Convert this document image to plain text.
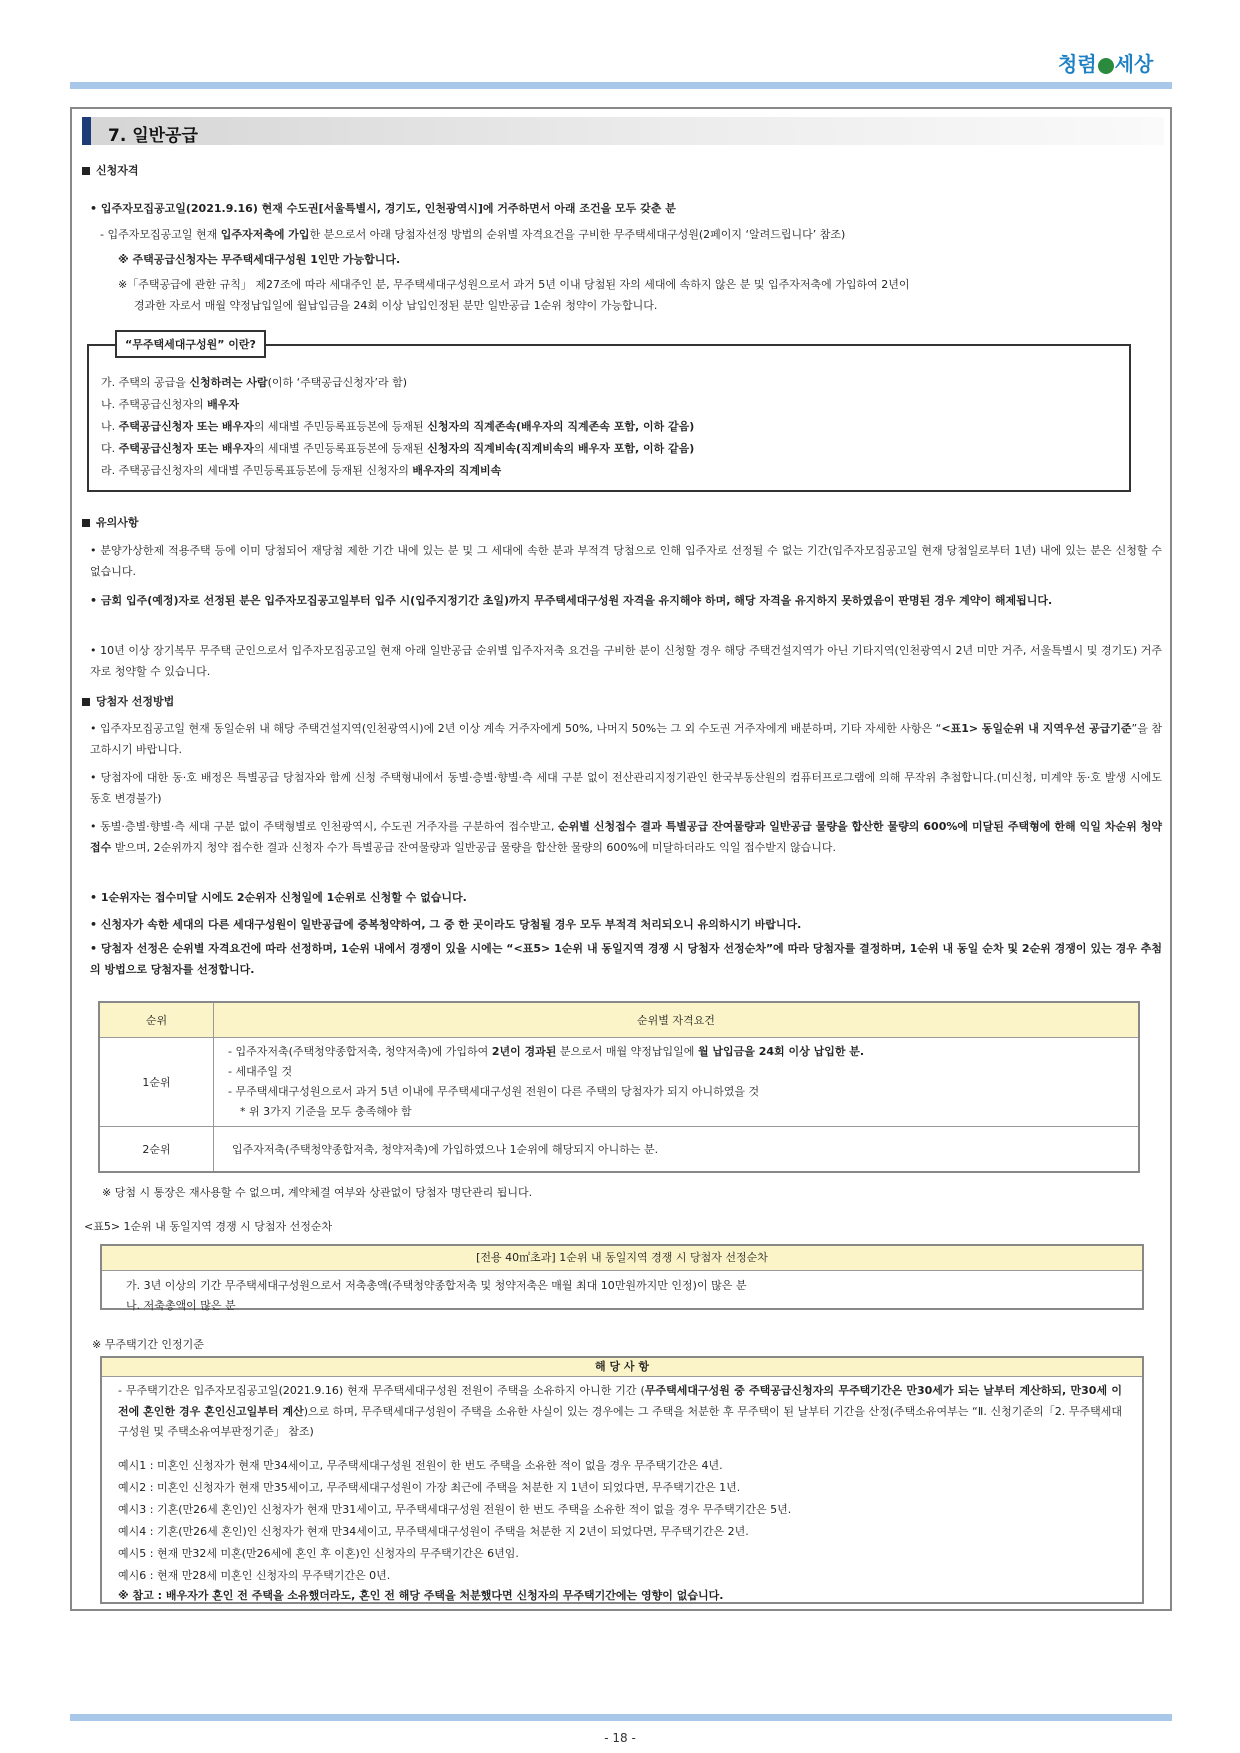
청렴 세상
7. 일반공급
신청자격
• 입주자모집공고일(2021.9.16) 현재 수도권[서울특별시, 경기도, 인천광역시]에 거주하면서 아래 조건을 모두 갖춘 분
- 입주자모집공고일 현재 입주자저축에 가입한 분으로서 아래 당첨자선정 방법의 순위별 자격요건을 구비한 무주택세대구성원(2페이지 ‘알려드립니다’ 참조)
※ 주택공급신청자는 무주택세대구성원 1인만 가능합니다.
※「주택공급에 관한 규칙」 제27조에 따라 세대주인 분, 무주택세대구성원으로서 과거 5년 이내 당첨된 자의 세대에 속하지 않은 분 및 입주자저축에 가입하여 2년이
경과한 자로서 매월 약정납입일에 월납입금을 24회 이상 납입인정된 분만 일반공급 1순위 청약이 가능합니다.
“무주택세대구성원” 이란?
가. 주택의 공급을 신청하려는 사람(이하 ‘주택공급신청자’라 함)
나. 주택공급신청자의 배우자
나. 주택공급신청자 또는 배우자의 세대별 주민등록표등본에 등재된 신청자의 직계존속(배우자의 직계존속 포함, 이하 같음)
다. 주택공급신청자 또는 배우자의 세대별 주민등록표등본에 등재된 신청자의 직계비속(직계비속의 배우자 포함, 이하 같음)
라. 주택공급신청자의 세대별 주민등록표등본에 등재된 신청자의 배우자의 직계비속
유의사항
• 분양가상한제 적용주택 등에 이미 당첨되어 재당첨 제한 기간 내에 있는 분 및 그 세대에 속한 분과 부적격 당첨으로 인해 입주자로 선정될 수 없는 기간(입주자모집공고일 현재 당첨일로부터 1년) 내에 있는 분은 신청할 수 없습니다.
• 금회 입주(예정)자로 선정된 분은 입주자모집공고일부터 입주 시(입주지정기간 초일)까지 무주택세대구성원 자격을 유지해야 하며, 해당 자격을 유지하지 못하였음이 판명된 경우 계약이 해제됩니다.
• 10년 이상 장기복무 무주택 군인으로서 입주자모집공고일 현재 아래 일반공급 순위별 입주자저축 요건을 구비한 분이 신청할 경우 해당 주택건설지역가 아닌 기타지역(인천광역시 2년 미만 거주, 서울특별시 및 경기도) 거주자로 청약할 수 있습니다.
당첨자 선정방법
• 입주자모집공고일 현재 동일순위 내 해당 주택건설지역(인천광역시)에 2년 이상 계속 거주자에게 50%, 나머지 50%는 그 외 수도권 거주자에게 배분하며, 기타 자세한 사항은 “<표1> 동일순위 내 지역우선 공급기준”을 참고하시기 바랍니다.
• 당첨자에 대한 동·호 배정은 특별공급 당첨자와 함께 신청 주택형내에서 동별·층별·향별·측 세대 구분 없이 전산관리지정기관인 한국부동산원의 컴퓨터프로그램에 의해 무작위 추첨합니다.(미신청, 미계약 동·호 발생 시에도 동호 변경불가)
• 동별·층별·향별·측 세대 구분 없이 주택형별로 인천광역시, 수도권 거주자를 구분하여 접수받고, 순위별 신청접수 결과 특별공급 잔여물량과 일반공급 물량을 합산한 물량의 600%에 미달된 주택형에 한해 익일 차순위 청약접수 받으며, 2순위까지 청약 접수한 결과 신청자 수가 특별공급 잔여물량과 일반공급 물량을 합산한 물량의 600%에 미달하더라도 익일 접수받지 않습니다.
• 1순위자는 접수미달 시에도 2순위자 신청일에 1순위로 신청할 수 없습니다.
• 신청자가 속한 세대의 다른 세대구성원이 일반공급에 중복청약하여, 그 중 한 곳이라도 당첨될 경우 모두 부적격 처리되오니 유의하시기 바랍니다.
• 당첨자 선정은 순위별 자격요건에 따라 선정하며, 1순위 내에서 경쟁이 있을 시에는 “<표5> 1순위 내 동일지역 경쟁 시 당첨자 선정순차”에 따라 당첨자를 결정하며, 1순위 내 동일 순차 및 2순위 경쟁이 있는 경우 추첨의 방법으로 당첨자를 선정합니다.
순위	순위별 자격요건
1순위	- 입주자저축(주택청약종합저축, 청약저축)에 가입하여 2년이 경과된 분으로서 매월 약정납입일에 월 납입금을 24회 이상 납입한 분.
- 세대주일 것
- 무주택세대구성원으로서 과거 5년 이내에 무주택세대구성원 전원이 다른 주택의 당첨자가 되지 아니하였을 것
* 위 3가지 기준을 모두 충족해야 함

2순위	입주자저축(주택청약종합저축, 청약저축)에 가입하였으나 1순위에 해당되지 아니하는 분.
※ 당첨 시 통장은 재사용할 수 없으며, 계약체결 여부와 상관없이 당첨자 명단관리 됩니다.
<표5> 1순위 내 동일지역 경쟁 시 당첨자 선정순차
[전용 40㎡초과] 1순위 내 동일지역 경쟁 시 당첨자 선정순차
가. 3년 이상의 기간 무주택세대구성원으로서 저축총액(주택청약종합저축 및 청약저축은 매월 최대 10만원까지만 인정)이 많은 분
나. 저축총액이 많은 분
※ 무주택기간 인정기준
해 당 사 항
- 무주택기간은 입주자모집공고일(2021.9.16) 현재 무주택세대구성원 전원이 주택을 소유하지 아니한 기간 (무주택세대구성원 중 주택공급신청자의 무주택기간은 만30세가 되는 날부터 계산하되, 만30세 이전에 혼인한 경우 혼인신고일부터 계산)으로 하며, 무주택세대구성원이 주택을 소유한 사실이 있는 경우에는 그 주택을 처분한 후 무주택이 된 날부터 기간을 산정(주택소유여부는 “Ⅱ. 신청기준의「2. 무주택세대구성원 및 주택소유여부판정기준」 참조)
예시1 : 미혼인 신청자가 현재 만34세이고, 무주택세대구성원 전원이 한 번도 주택을 소유한 적이 없을 경우 무주택기간은 4년.
예시2 : 미혼인 신청자가 현재 만35세이고, 무주택세대구성원이 가장 최근에 주택을 처분한 지 1년이 되었다면, 무주택기간은 1년.
예시3 : 기혼(만26세 혼인)인 신청자가 현재 만31세이고, 무주택세대구성원 전원이 한 번도 주택을 소유한 적이 없을 경우 무주택기간은 5년.
예시4 : 기혼(만26세 혼인)인 신청자가 현재 만34세이고, 무주택세대구성원이 주택을 처분한 지 2년이 되었다면, 무주택기간은 2년.
예시5 : 현재 만32세 미혼(만26세에 혼인 후 이혼)인 신청자의 무주택기간은 6년임.
예시6 : 현재 만28세 미혼인 신청자의 무주택기간은 0년.
※ 참고 : 배우자가 혼인 전 주택을 소유했더라도, 혼인 전 해당 주택을 처분했다면 신청자의 무주택기간에는 영향이 없습니다.
- 18 -
